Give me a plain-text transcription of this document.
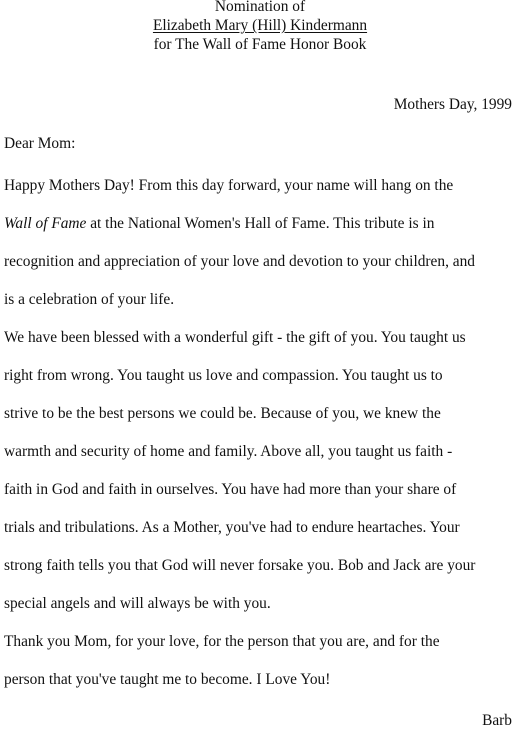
Nomination of
Elizabeth Mary (Hill) Kindermann
for The Wall of Fame Honor Book
Mothers Day, 1999
Dear Mom:
Happy Mothers Day! From this day forward, your name will hang on the
Wall of Fame at the National Women's Hall of Fame. This tribute is in
recognition and appreciation of your love and devotion to your children, and
is a celebration of your life.
We have been blessed with a wonderful gift - the gift of you. You taught us
right from wrong. You taught us love and compassion. You taught us to
strive to be the best persons we could be. Because of you, we knew the
warmth and security of home and family. Above all, you taught us faith -
faith in God and faith in ourselves. You have had more than your share of
trials and tribulations. As a Mother, you've had to endure heartaches. Your
strong faith tells you that God will never forsake you. Bob and Jack are your
special angels and will always be with you.
Thank you Mom, for your love, for the person that you are, and for the
person that you've taught me to become. I Love You!
Barb
